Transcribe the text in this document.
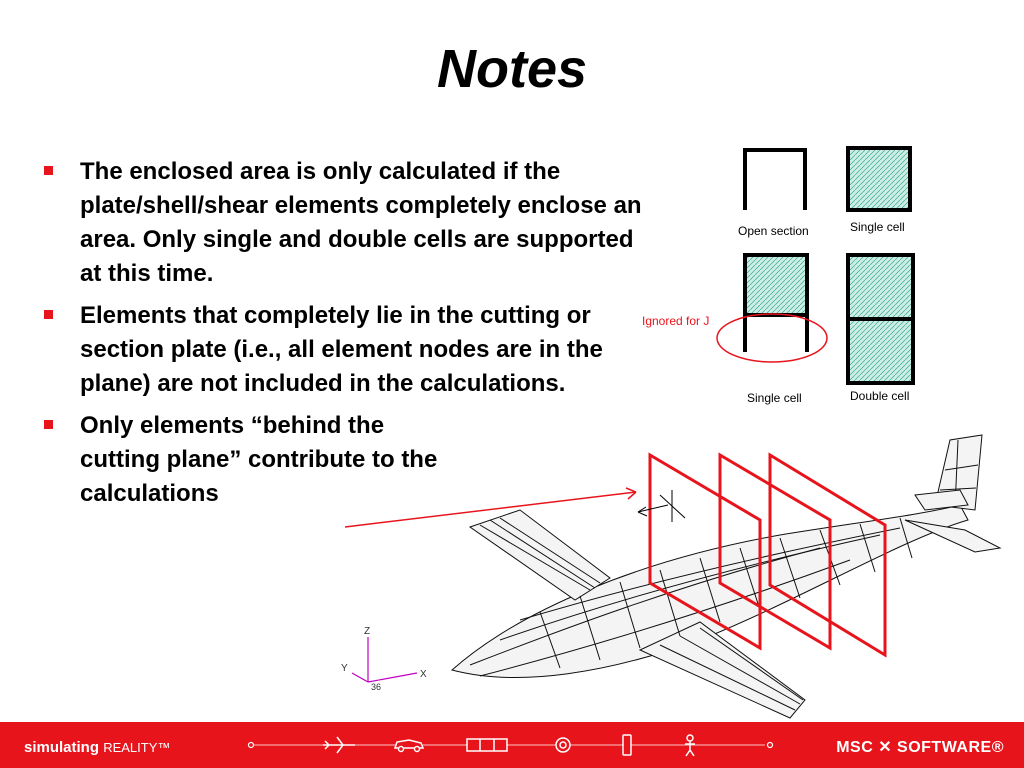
Notes
The enclosed area is only calculated if the plate/shell/shear elements completely enclose an area. Only single and double cells are supported at this time.
Elements that completely lie in the cutting or section plate (i.e., all element nodes are in the plane) are not included in the calculations.
Only elements “behind the cutting plane” contribute to the calculations
Z
Y
X
36
Open section	Single cell
Ignored for J
Single cell	Double cell
simulating REALITY™	MSC ✕ SOFTWARE®
